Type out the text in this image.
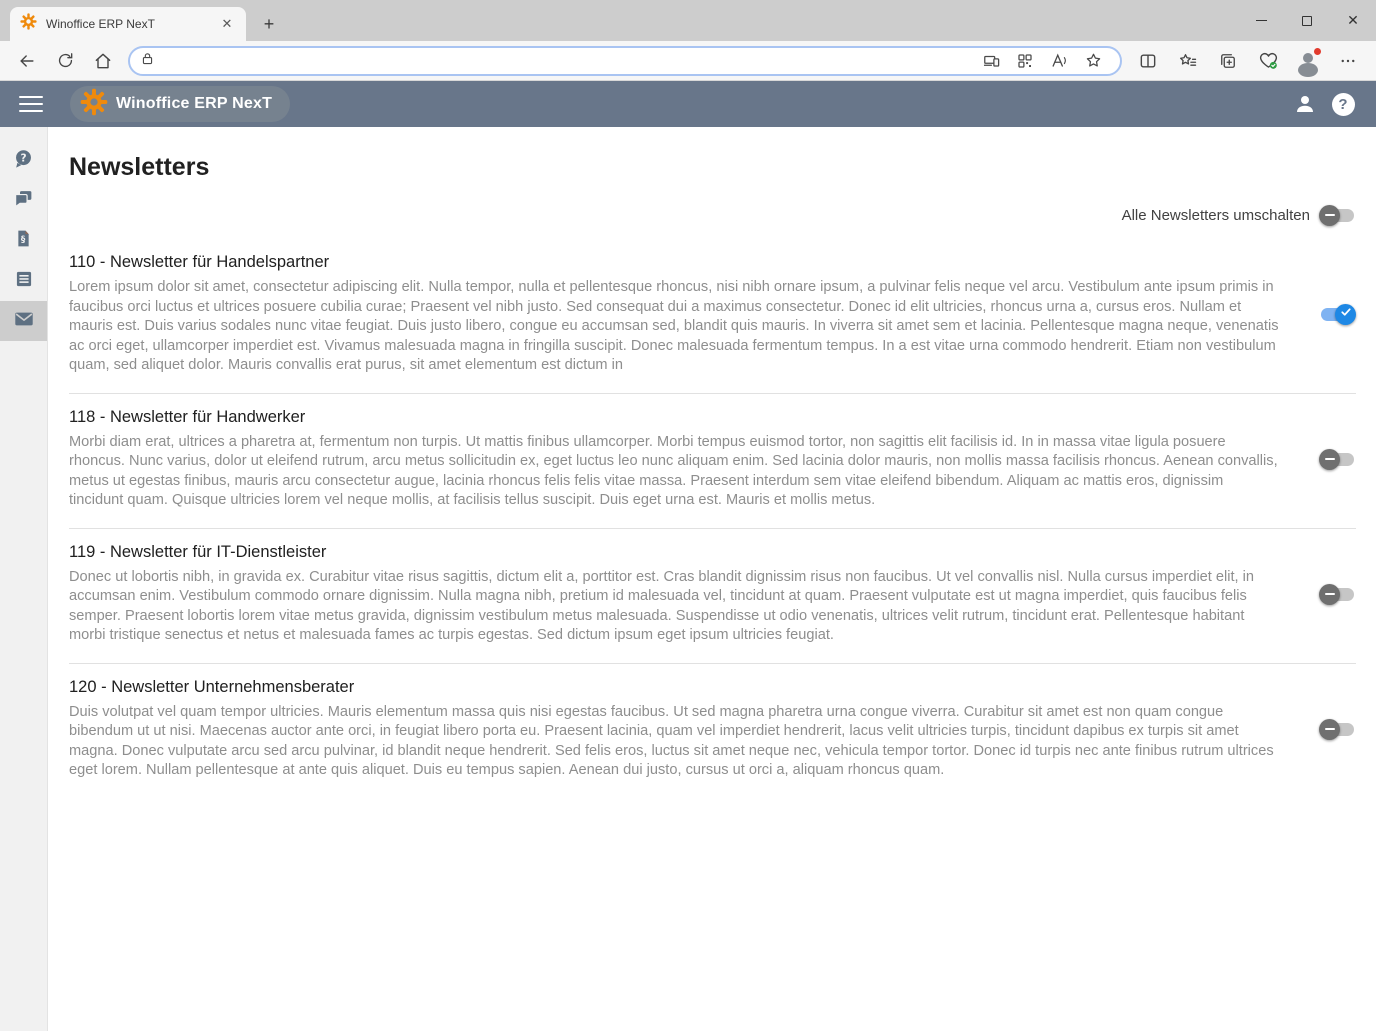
Winoffice ERP NexT	✕	+	✕
Winoffice ERP NexT	?
?
§
Newsletters
Alle Newsletters umschalten
110 - Newsletter für Handelspartner
Lorem ipsum dolor sit amet, consectetur adipiscing elit. Nulla tempor, nulla et pellentesque rhoncus, nisi nibh ornare ipsum, a pulvinar felis neque vel arcu. Vestibulum ante ipsum primis in faucibus orci luctus et ultrices posuere cubilia curae; Praesent vel nibh justo. Sed consequat dui a maximus consectetur. Donec id elit ultricies, rhoncus urna a, cursus eros. Nullam et mauris est. Duis varius sodales nunc vitae feugiat. Duis justo libero, congue eu accumsan sed, blandit quis mauris. In viverra sit amet sem et lacinia. Pellentesque magna neque, venenatis ac orci eget, ullamcorper imperdiet est. Vivamus malesuada magna in fringilla suscipit. Donec malesuada fermentum tempus. In a est vitae urna commodo hendrerit. Etiam non vestibulum quam, sed aliquet dolor. Mauris convallis erat purus, sit amet elementum est dictum in
118 - Newsletter für Handwerker
Morbi diam erat, ultrices a pharetra at, fermentum non turpis. Ut mattis finibus ullamcorper. Morbi tempus euismod tortor, non sagittis elit facilisis id. In in massa vitae ligula posuere rhoncus. Nunc varius, dolor ut eleifend rutrum, arcu metus sollicitudin ex, eget luctus leo nunc aliquam enim. Sed lacinia dolor mauris, non mollis massa facilisis rhoncus. Aenean convallis, metus ut egestas finibus, mauris arcu consectetur augue, lacinia rhoncus felis felis vitae massa. Praesent interdum sem vitae eleifend bibendum. Aliquam ac mattis eros, dignissim tincidunt quam. Quisque ultricies lorem vel neque mollis, at facilisis tellus suscipit. Duis eget urna est. Mauris et mollis metus.
119 - Newsletter für IT-Dienstleister
Donec ut lobortis nibh, in gravida ex. Curabitur vitae risus sagittis, dictum elit a, porttitor est. Cras blandit dignissim risus non faucibus. Ut vel convallis nisl. Nulla cursus imperdiet elit, in accumsan enim. Vestibulum commodo ornare dignissim. Nulla magna nibh, pretium id malesuada vel, tincidunt at quam. Praesent vulputate est ut magna imperdiet, quis faucibus felis semper. Praesent lobortis lorem vitae metus gravida, dignissim vestibulum metus malesuada. Suspendisse ut odio venenatis, ultrices velit rutrum, tincidunt erat. Pellentesque habitant morbi tristique senectus et netus et malesuada fames ac turpis egestas. Sed dictum ipsum eget ipsum ultricies feugiat.
120 - Newsletter Unternehmensberater
Duis volutpat vel quam tempor ultricies. Mauris elementum massa quis nisi egestas faucibus. Ut sed magna pharetra urna congue viverra. Curabitur sit amet est non quam congue bibendum ut ut nisi. Maecenas auctor ante orci, in feugiat libero porta eu. Praesent lacinia, quam vel imperdiet hendrerit, lacus velit ultricies turpis, tincidunt dapibus ex turpis sit amet magna. Donec vulputate arcu sed arcu pulvinar, id blandit neque hendrerit. Sed felis eros, luctus sit amet neque nec, vehicula tempor tortor. Donec id turpis nec ante finibus rutrum ultrices eget lorem. Nullam pellentesque at ante quis aliquet. Duis eu tempus sapien. Aenean dui justo, cursus ut orci a, aliquam rhoncus quam.
